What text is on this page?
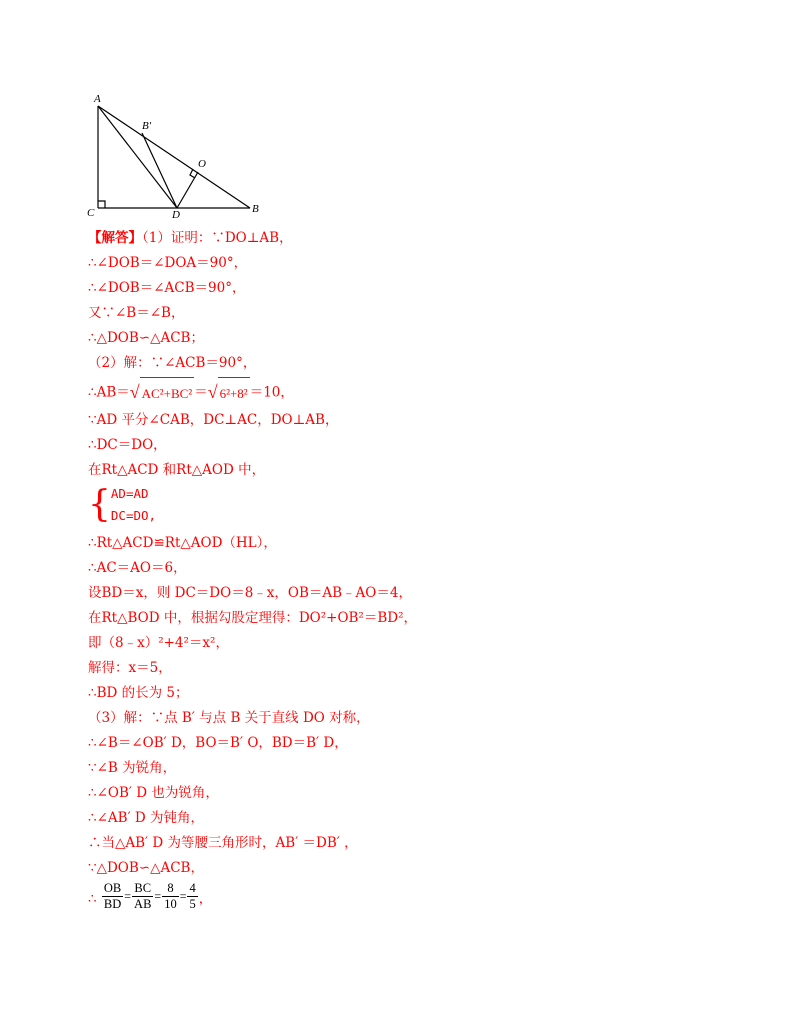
A
B′
O
C	D	B
【解答】（1）证明：∵DO⊥AB，
∴∠DOB＝∠DOA＝90°，
∴∠DOB＝∠ACB＝90°，
又∵∠B＝∠B，
∴△DOB∽△ACB；
（2）解：∵∠ACB＝90°，
∴AB＝√ AC²+BC² ＝√ 6²+8² ＝10，
∵AD 平分∠CAB，DC⊥AC，DO⊥AB，
∴DC＝DO，
在Rt△ACD 和Rt△AOD 中，
{ AD=AD
DC=DO,
∴Rt△ACD≌Rt△AOD（HL），
∴AC＝AO＝6，
设BD＝x，则 DC＝DO＝8﹣x，OB＝AB﹣AO＝4，
在Rt△BOD 中，根据勾股定理得：DO²+OB²＝BD²，
即（8﹣x）²+4²＝x²，
解得：x＝5，
∴BD 的长为 5；
（3）解：∵点 B′ 与点 B 关于直线 DO 对称，
∴∠B＝∠OB′ D，BO＝B′ O，BD＝B′ D，
∵∠B 为锐角，
∴∠OB′ D 也为锐角，
∴∠AB′ D 为钝角，
∴当△AB′ D 为等腰三角形时，AB′ ＝DB′ ，
∵△DOB∽△ACB，
∴ $\frac{OB}{BD} = \frac{BC}{AB} = \frac{8}{10} = \frac{4}{5}$ ，
